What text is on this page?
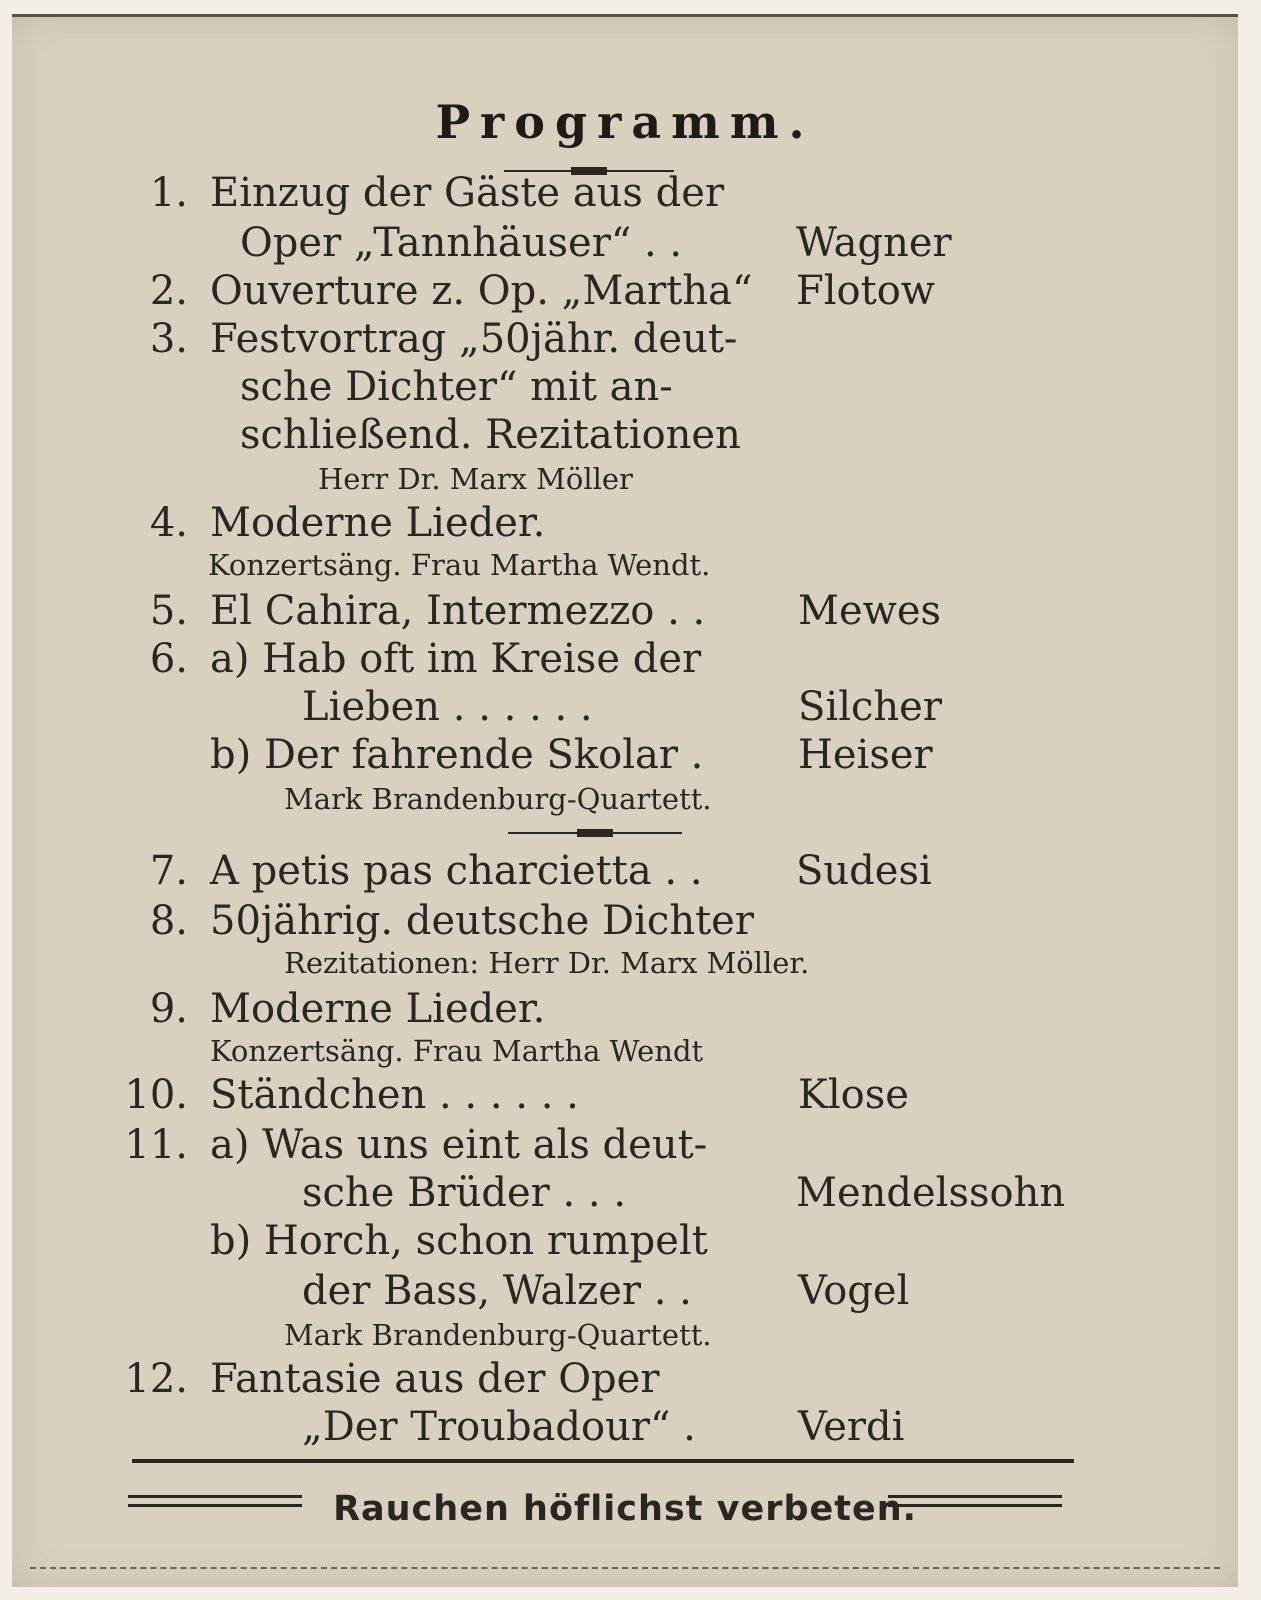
Programm.
1. Einzug der Gäste aus der
Oper „Tannhäuser“ . .	Wagner
2. Ouverture z. Op. „Martha“ Flotow
3. Festvortrag „50jähr. deut-
sche Dichter“ mit an-
schließend. Rezitationen
Herr Dr. Marx Möller
4. Moderne Lieder.
Konzertsäng. Frau Martha Wendt.
5. El Cahira, Intermezzo . . Mewes
6. a) Hab oft im Kreise der
Lieben . . . . . .	Silcher
b) Der fahrende Skolar . Heiser
Mark Brandenburg-Quartett.
7. A petis pas charcietta . . Sudesi
8. 50jährig. deutsche Dichter
Rezitationen: Herr Dr. Marx Möller.
9. Moderne Lieder.
Konzertsäng. Frau Martha Wendt
10. Ständchen . . . . . .	Klose
11. a) Was uns eint als deut-
sche Brüder . . .	Mendelssohn
b) Horch, schon rumpelt
der Bass, Walzer . .	Vogel
Mark Brandenburg-Quartett.
12. Fantasie aus der Oper
„Der Troubadour“ .	Verdi
Rauchen höflichst verbeten.
